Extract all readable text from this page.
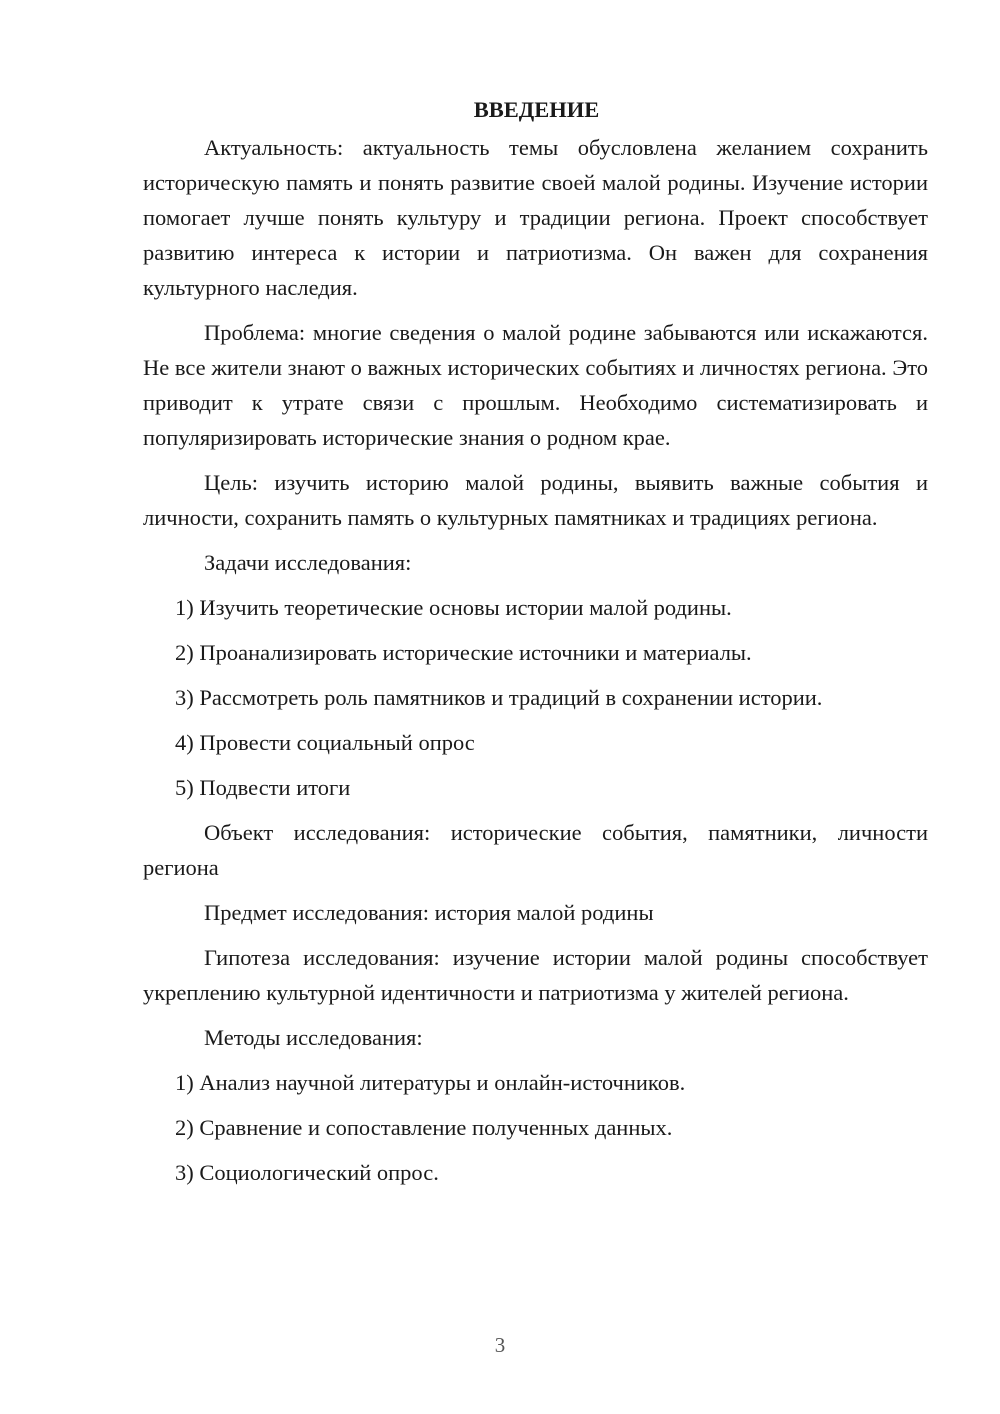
ВВЕДЕНИЕ

Актуальность: актуальность темы обусловлена желанием сохранить историческую память и понять развитие своей малой родины. Изучение истории помогает лучше понять культуру и традиции региона. Проект способствует развитию интереса к истории и патриотизма. Он важен для сохранения культурного наследия.

Проблема: многие сведения о малой родине забываются или искажаются. Не все жители знают о важных исторических событиях и личностях региона. Это приводит к утрате связи с прошлым. Необходимо систематизировать и популяризировать исторические знания о родном крае.

Цель: изучить историю малой родины, выявить важные события и личности, сохранить память о культурных памятниках и традициях региона.

Задачи исследования:

1) Изучить теоретические основы истории малой родины.

2) Проанализировать исторические источники и материалы.

3) Рассмотреть роль памятников и традиций в сохранении истории.

4) Провести социальный опрос

5) Подвести итоги

Объект исследования: исторические события, памятники, личности региона

Предмет исследования: история малой родины

Гипотеза исследования: изучение истории малой родины способствует укреплению культурной идентичности и патриотизма у жителей региона.

Методы исследования:

1) Анализ научной литературы и онлайн-источников.

2) Сравнение и сопоставление полученных данных.

3) Социологический опрос.

3
